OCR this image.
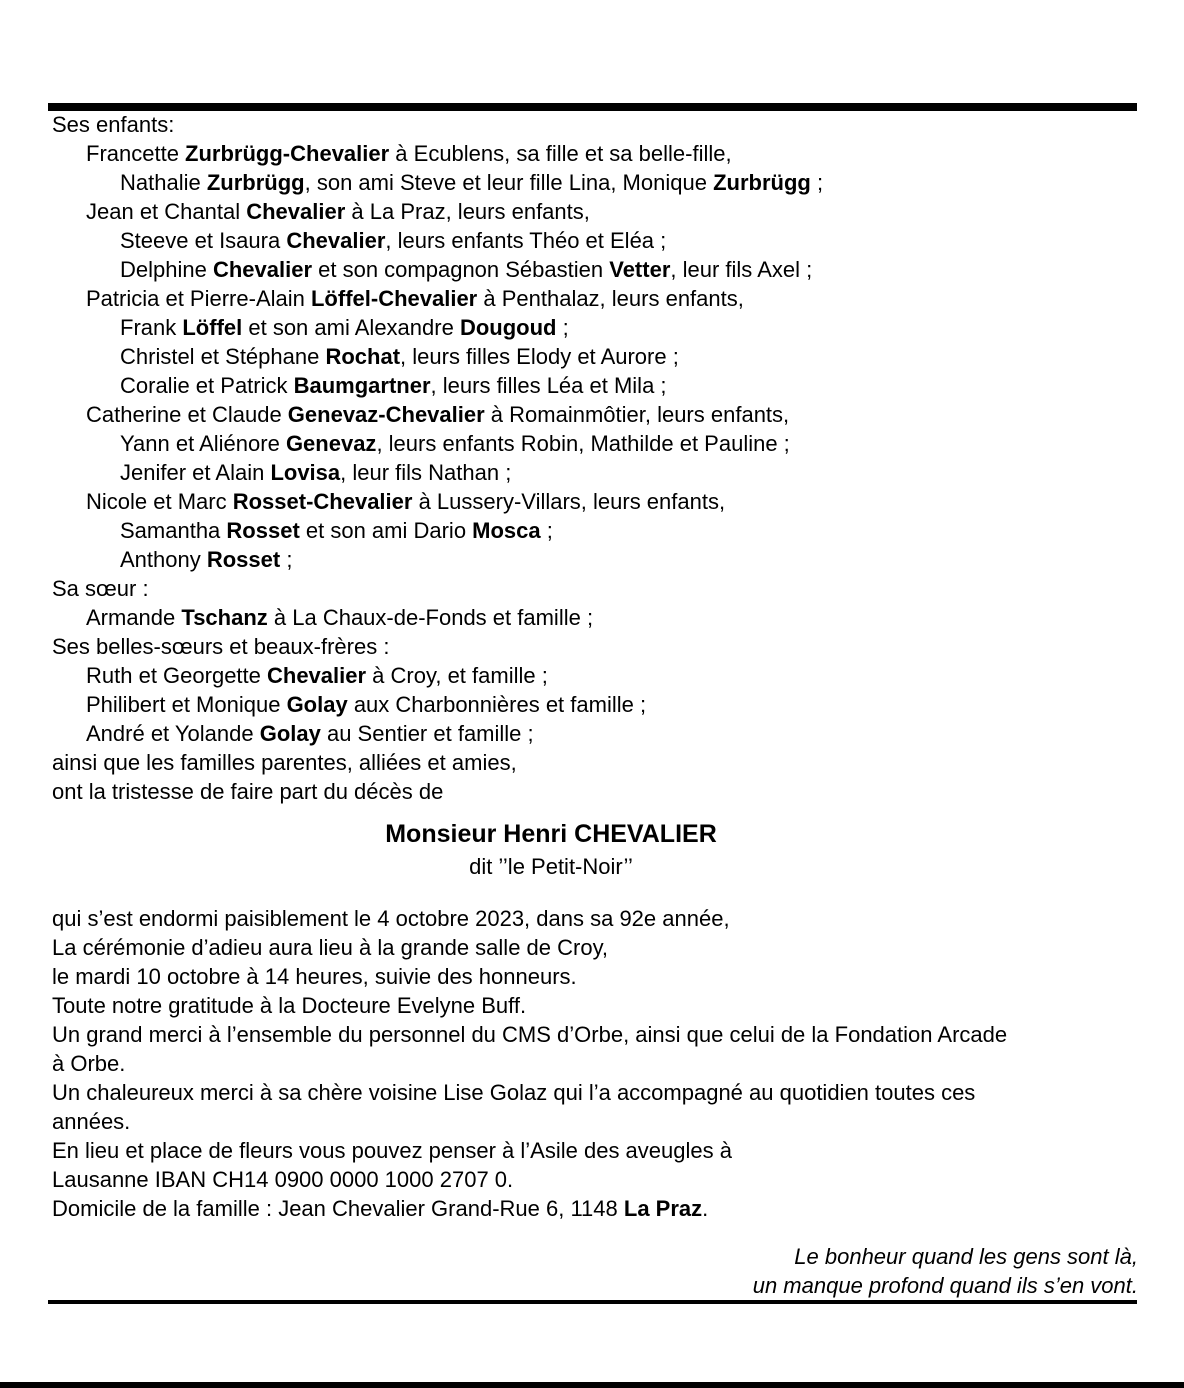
Ses enfants:
Francette Zurbrügg-Chevalier à Ecublens, sa fille et sa belle-fille,
Nathalie Zurbrügg, son ami Steve et leur fille Lina, Monique Zurbrügg ;
Jean et Chantal Chevalier à La Praz, leurs enfants,
Steeve et Isaura Chevalier, leurs enfants Théo et Eléa ;
Delphine Chevalier et son compagnon Sébastien Vetter, leur fils Axel ;
Patricia et Pierre-Alain Löffel-Chevalier à Penthalaz, leurs enfants,
Frank Löffel et son ami Alexandre Dougoud ;
Christel et Stéphane Rochat, leurs filles Elody et Aurore ;
Coralie et Patrick Baumgartner, leurs filles Léa et Mila ;
Catherine et Claude Genevaz-Chevalier à Romainmôtier, leurs enfants,
Yann et Aliénore Genevaz, leurs enfants Robin, Mathilde et Pauline ;
Jenifer et Alain Lovisa, leur fils Nathan ;
Nicole et Marc Rosset-Chevalier à Lussery-Villars, leurs enfants,
Samantha Rosset et son ami Dario Mosca ;
Anthony Rosset ;
Sa sœur :
Armande Tschanz à La Chaux-de-Fonds et famille ;
Ses belles-sœurs et beaux-frères :
Ruth et Georgette Chevalier à Croy, et famille ;
Philibert et Monique Golay aux Charbonnières et famille ;
André et Yolande Golay au Sentier et famille ;
ainsi que les familles parentes, alliées et amies,
ont la tristesse de faire part du décès de
Monsieur Henri CHEVALIER
dit ’’le Petit-Noir’’
qui s’est endormi paisiblement le 4 octobre 2023, dans sa 92e année,
La cérémonie d’adieu aura lieu à la grande salle de Croy,
le mardi 10 octobre à 14 heures, suivie des honneurs.
Toute notre gratitude à la Docteure Evelyne Buff.
Un grand merci à l’ensemble du personnel du CMS d’Orbe, ainsi que celui de la Fondation Arcade
à Orbe.
Un chaleureux merci à sa chère voisine Lise Golaz qui l’a accompagné au quotidien toutes ces
années.
En lieu et place de fleurs vous pouvez penser à l’Asile des aveugles à
Lausanne IBAN CH14 0900 0000 1000 2707 0.
Domicile de la famille : Jean Chevalier Grand-Rue 6, 1148 La Praz.
Le bonheur quand les gens sont là,
un manque profond quand ils s’en vont.
